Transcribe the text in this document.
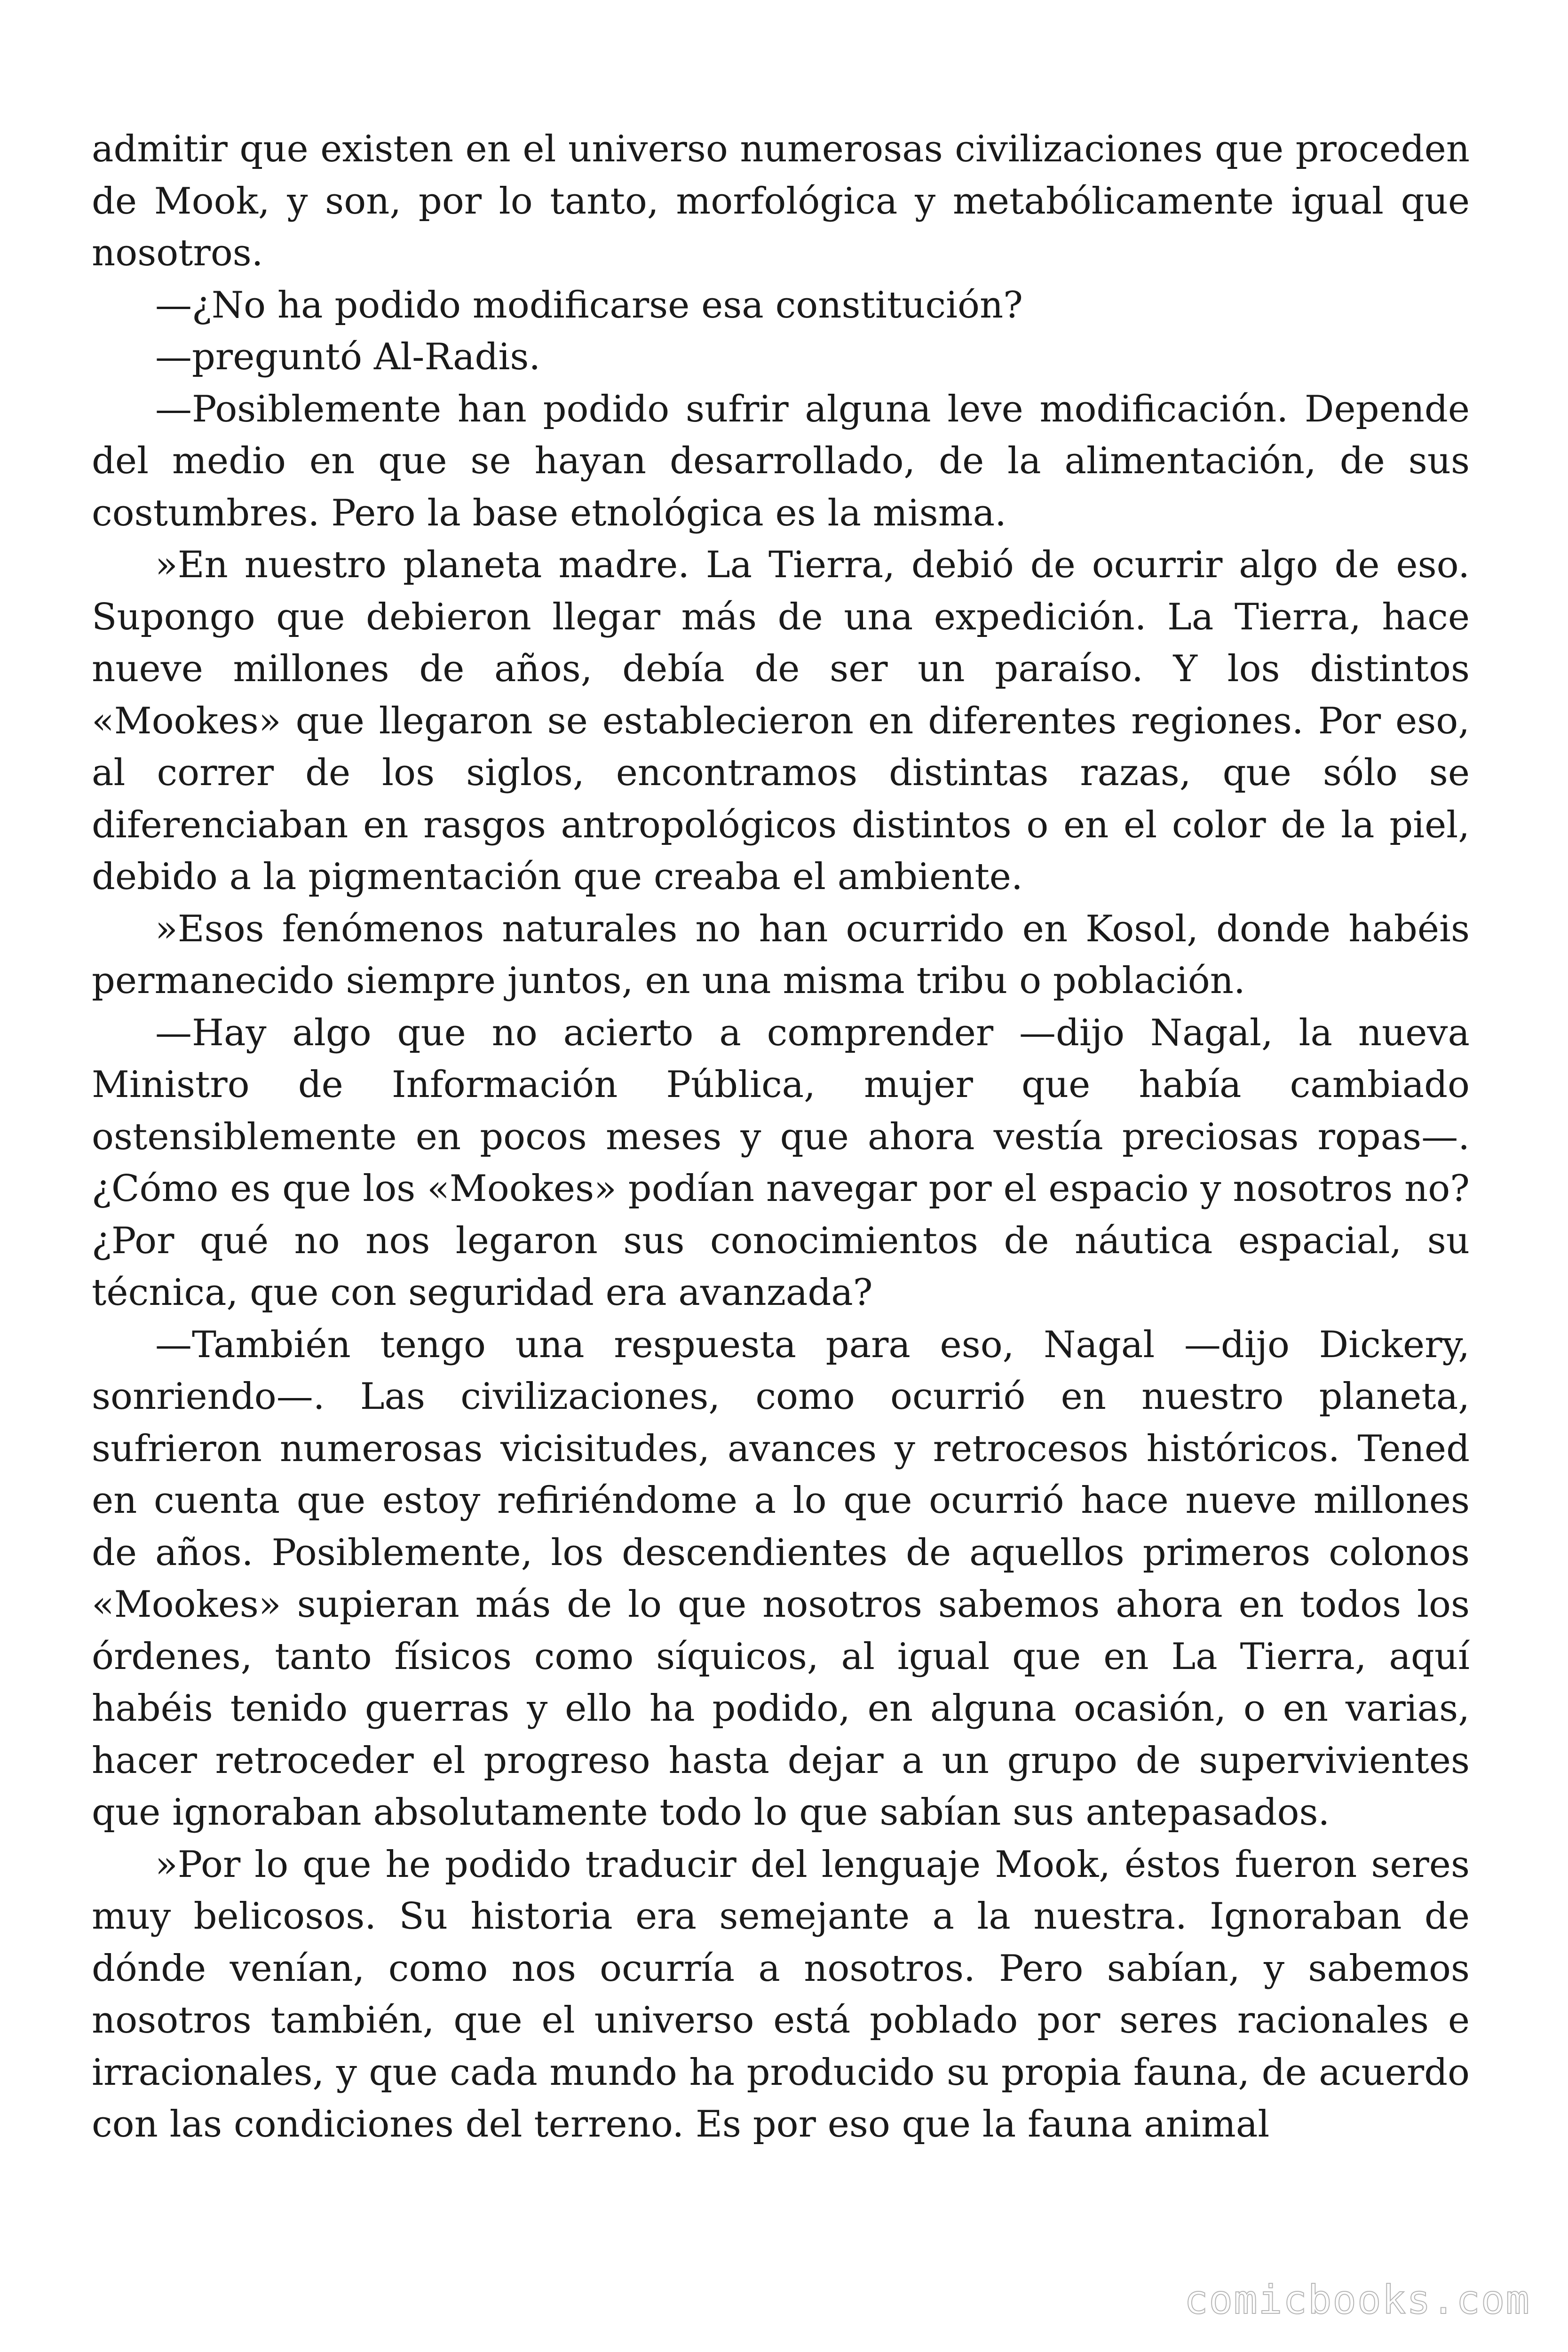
admitir que existen en el universo numerosas civilizaciones que proceden de Mook, y son, por lo tanto, morfológica y metabólicamente igual que nosotros.

—¿No ha podido modificarse esa constitución?

—preguntó Al-Radis.

—Posiblemente han podido sufrir alguna leve modificación. Depende del medio en que se hayan desarrollado, de la alimentación, de sus costumbres. Pero la base etnológica es la misma.

»En nuestro planeta madre. La Tierra, debió de ocurrir algo de eso. Supongo que debieron llegar más de una expedición. La Tierra, hace nueve millones de años, debía de ser un paraíso. Y los distintos «Mookes» que llegaron se establecieron en diferentes regiones. Por eso, al correr de los siglos, encontramos distintas razas, que sólo se diferenciaban en rasgos antropológicos distintos o en el color de la piel, debido a la pigmentación que creaba el ambiente.

»Esos fenómenos naturales no han ocurrido en Kosol, donde habéis permanecido siempre juntos, en una misma tribu o población.

—Hay algo que no acierto a comprender —dijo Nagal, la nueva Ministro de Información Pública, mujer que había cambiado ostensiblemente en pocos meses y que ahora vestía preciosas ropas—. ¿Cómo es que los «Mookes» podían navegar por el espacio y nosotros no? ¿Por qué no nos legaron sus conocimientos de náutica espacial, su técnica, que con seguridad era avanzada?

—También tengo una respuesta para eso, Nagal —dijo Dickery, sonriendo—. Las civilizaciones, como ocurrió en nuestro planeta, sufrieron numerosas vicisitudes, avances y retrocesos históricos. Tened en cuenta que estoy refiriéndome a lo que ocurrió hace nueve millones de años. Posiblemente, los descendientes de aquellos primeros colonos «Mookes» supieran más de lo que nosotros sabemos ahora en todos los órdenes, tanto físicos como síquicos, al igual que en La Tierra, aquí habéis tenido guerras y ello ha podido, en alguna ocasión, o en varias, hacer retroceder el progreso hasta dejar a un grupo de supervivientes que ignoraban absolutamente todo lo que sabían sus antepasados.

»Por lo que he podido traducir del lenguaje Mook, éstos fueron seres muy belicosos. Su historia era semejante a la nuestra. Ignoraban de dónde venían, como nos ocurría a nosotros. Pero sabían, y sabemos nosotros también, que el universo está poblado por seres racionales e irracionales, y que cada mundo ha producido su propia fauna, de acuerdo con las condiciones del terreno. Es por eso que la fauna animal

comicbooks.com
